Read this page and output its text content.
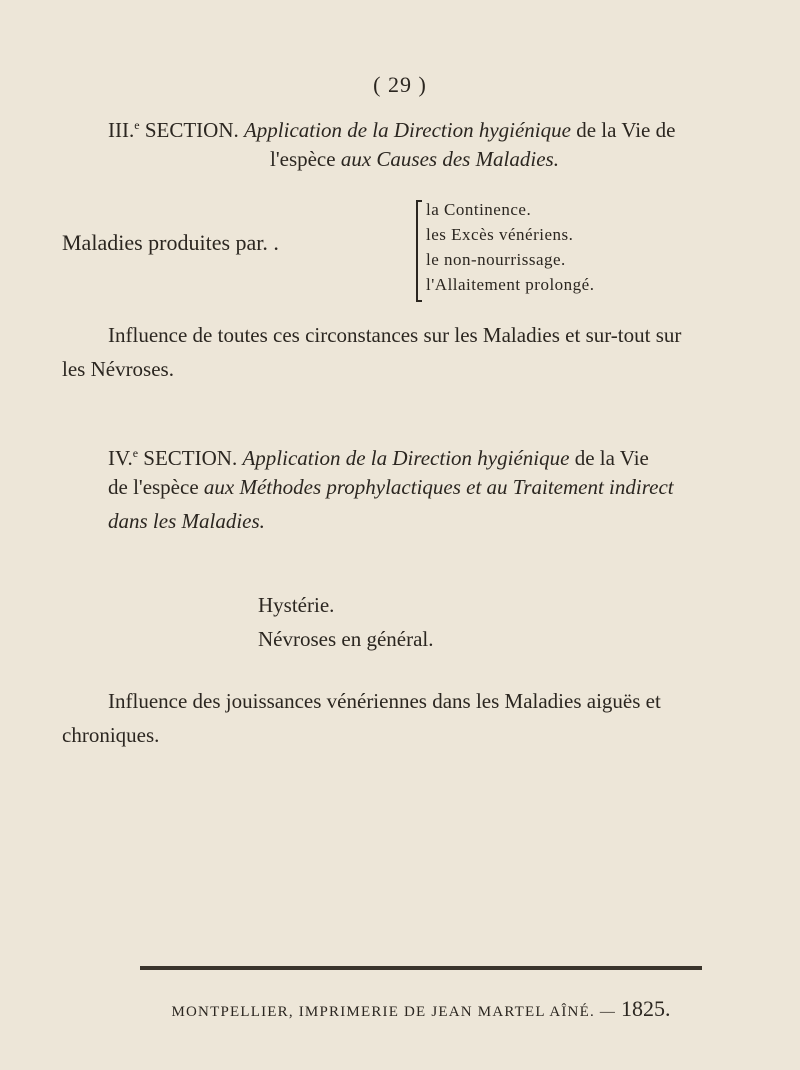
( 29 )
III.$^e$ SECTION. Application de la Direction hygiénique de la Vie de
l'espèce aux Causes des Maladies.
Maladies produites par. .
la Continence.
les Excès vénériens.
le non-nourrissage.
l'Allaitement prolongé.
Influence de toutes ces circonstances sur les Maladies et sur-tout sur
les Névroses.
IV.$^e$ SECTION. Application de la Direction hygiénique de la Vie
de l'espèce aux Méthodes prophylactiques et au Traitement indirect
dans les Maladies.
Hystérie.
Névroses en général.
Influence des jouissances vénériennes dans les Maladies aiguës et
chroniques.
MONTPELLIER, IMPRIMERIE DE JEAN MARTEL AÎNÉ. — 1825.
